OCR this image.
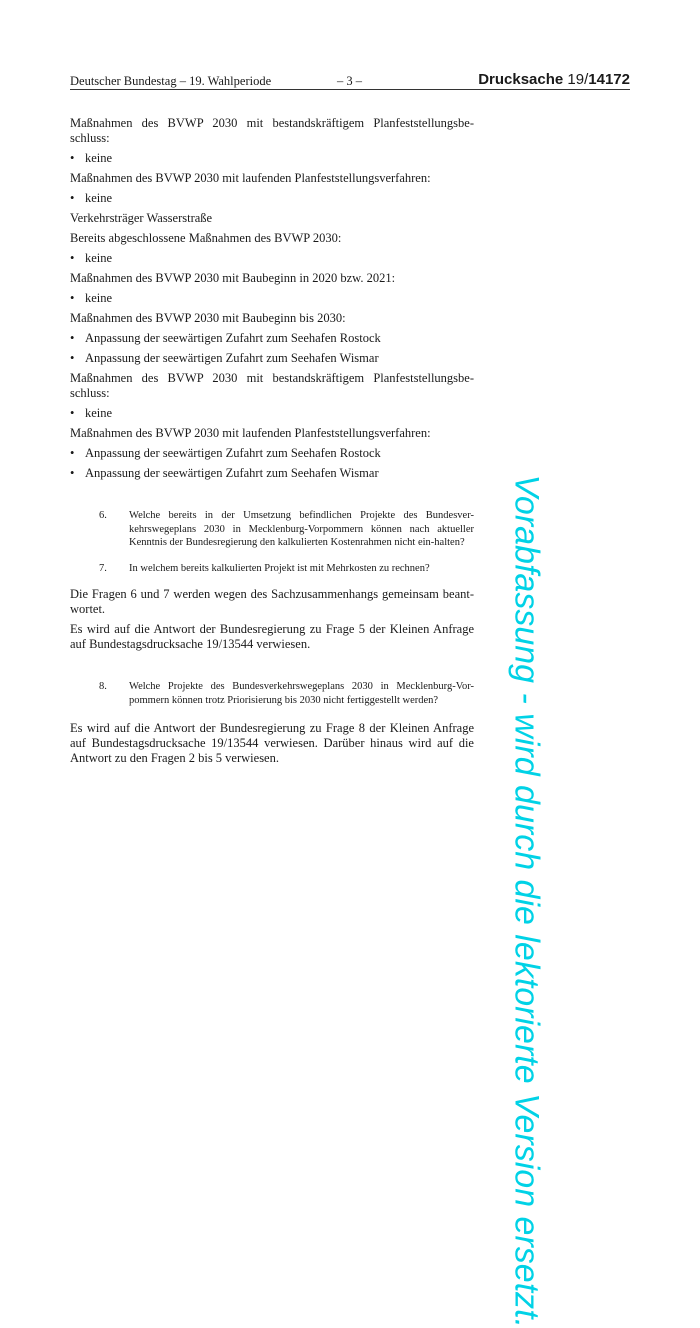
Deutscher Bundestag – 19. Wahlperiode	– 3 –	Drucksache 19/14172

Maßnahmen des BVWP 2030 mit bestandskräftigem Planfeststellungsbe-schluss:

• keine

Maßnahmen des BVWP 2030 mit laufenden Planfeststellungsverfahren:

• keine

Verkehrsträger Wasserstraße

Bereits abgeschlossene Maßnahmen des BVWP 2030:

• keine

Maßnahmen des BVWP 2030 mit Baubeginn in 2020 bzw. 2021:

• keine

Maßnahmen des BVWP 2030 mit Baubeginn bis 2030:

• Anpassung der seewärtigen Zufahrt zum Seehafen Rostock

• Anpassung der seewärtigen Zufahrt zum Seehafen Wismar

Maßnahmen des BVWP 2030 mit bestandskräftigem Planfeststellungsbe-schluss:

• keine

Maßnahmen des BVWP 2030 mit laufenden Planfeststellungsverfahren:

• Anpassung der seewärtigen Zufahrt zum Seehafen Rostock

• Anpassung der seewärtigen Zufahrt zum Seehafen Wismar

6. Welche bereits in der Umsetzung befindlichen Projekte des Bundesver-kehrswegeplans 2030 in Mecklenburg-Vorpommern können nach aktueller Kenntnis der Bundesregierung den kalkulierten Kostenrahmen nicht ein-halten?
7. In welchem bereits kalkulierten Projekt ist mit Mehrkosten zu rechnen?

Die Fragen 6 und 7 werden wegen des Sachzusammenhangs gemeinsam beant-wortet.

Es wird auf die Antwort der Bundesregierung zu Frage 5 der Kleinen Anfrage auf Bundestagsdrucksache 19/13544 verwiesen.

8. Welche Projekte des Bundesverkehrswegeplans 2030 in Mecklenburg-Vor-pommern können trotz Priorisierung bis 2030 nicht fertiggestellt werden?

Es wird auf die Antwort der Bundesregierung zu Frage 8 der Kleinen Anfrage auf Bundestagsdrucksache 19/13544 verwiesen. Darüber hinaus wird auf die Antwort zu den Fragen 2 bis 5 verwiesen.	Vorabfassung - wird durch die lektorierte Version ersetzt.
